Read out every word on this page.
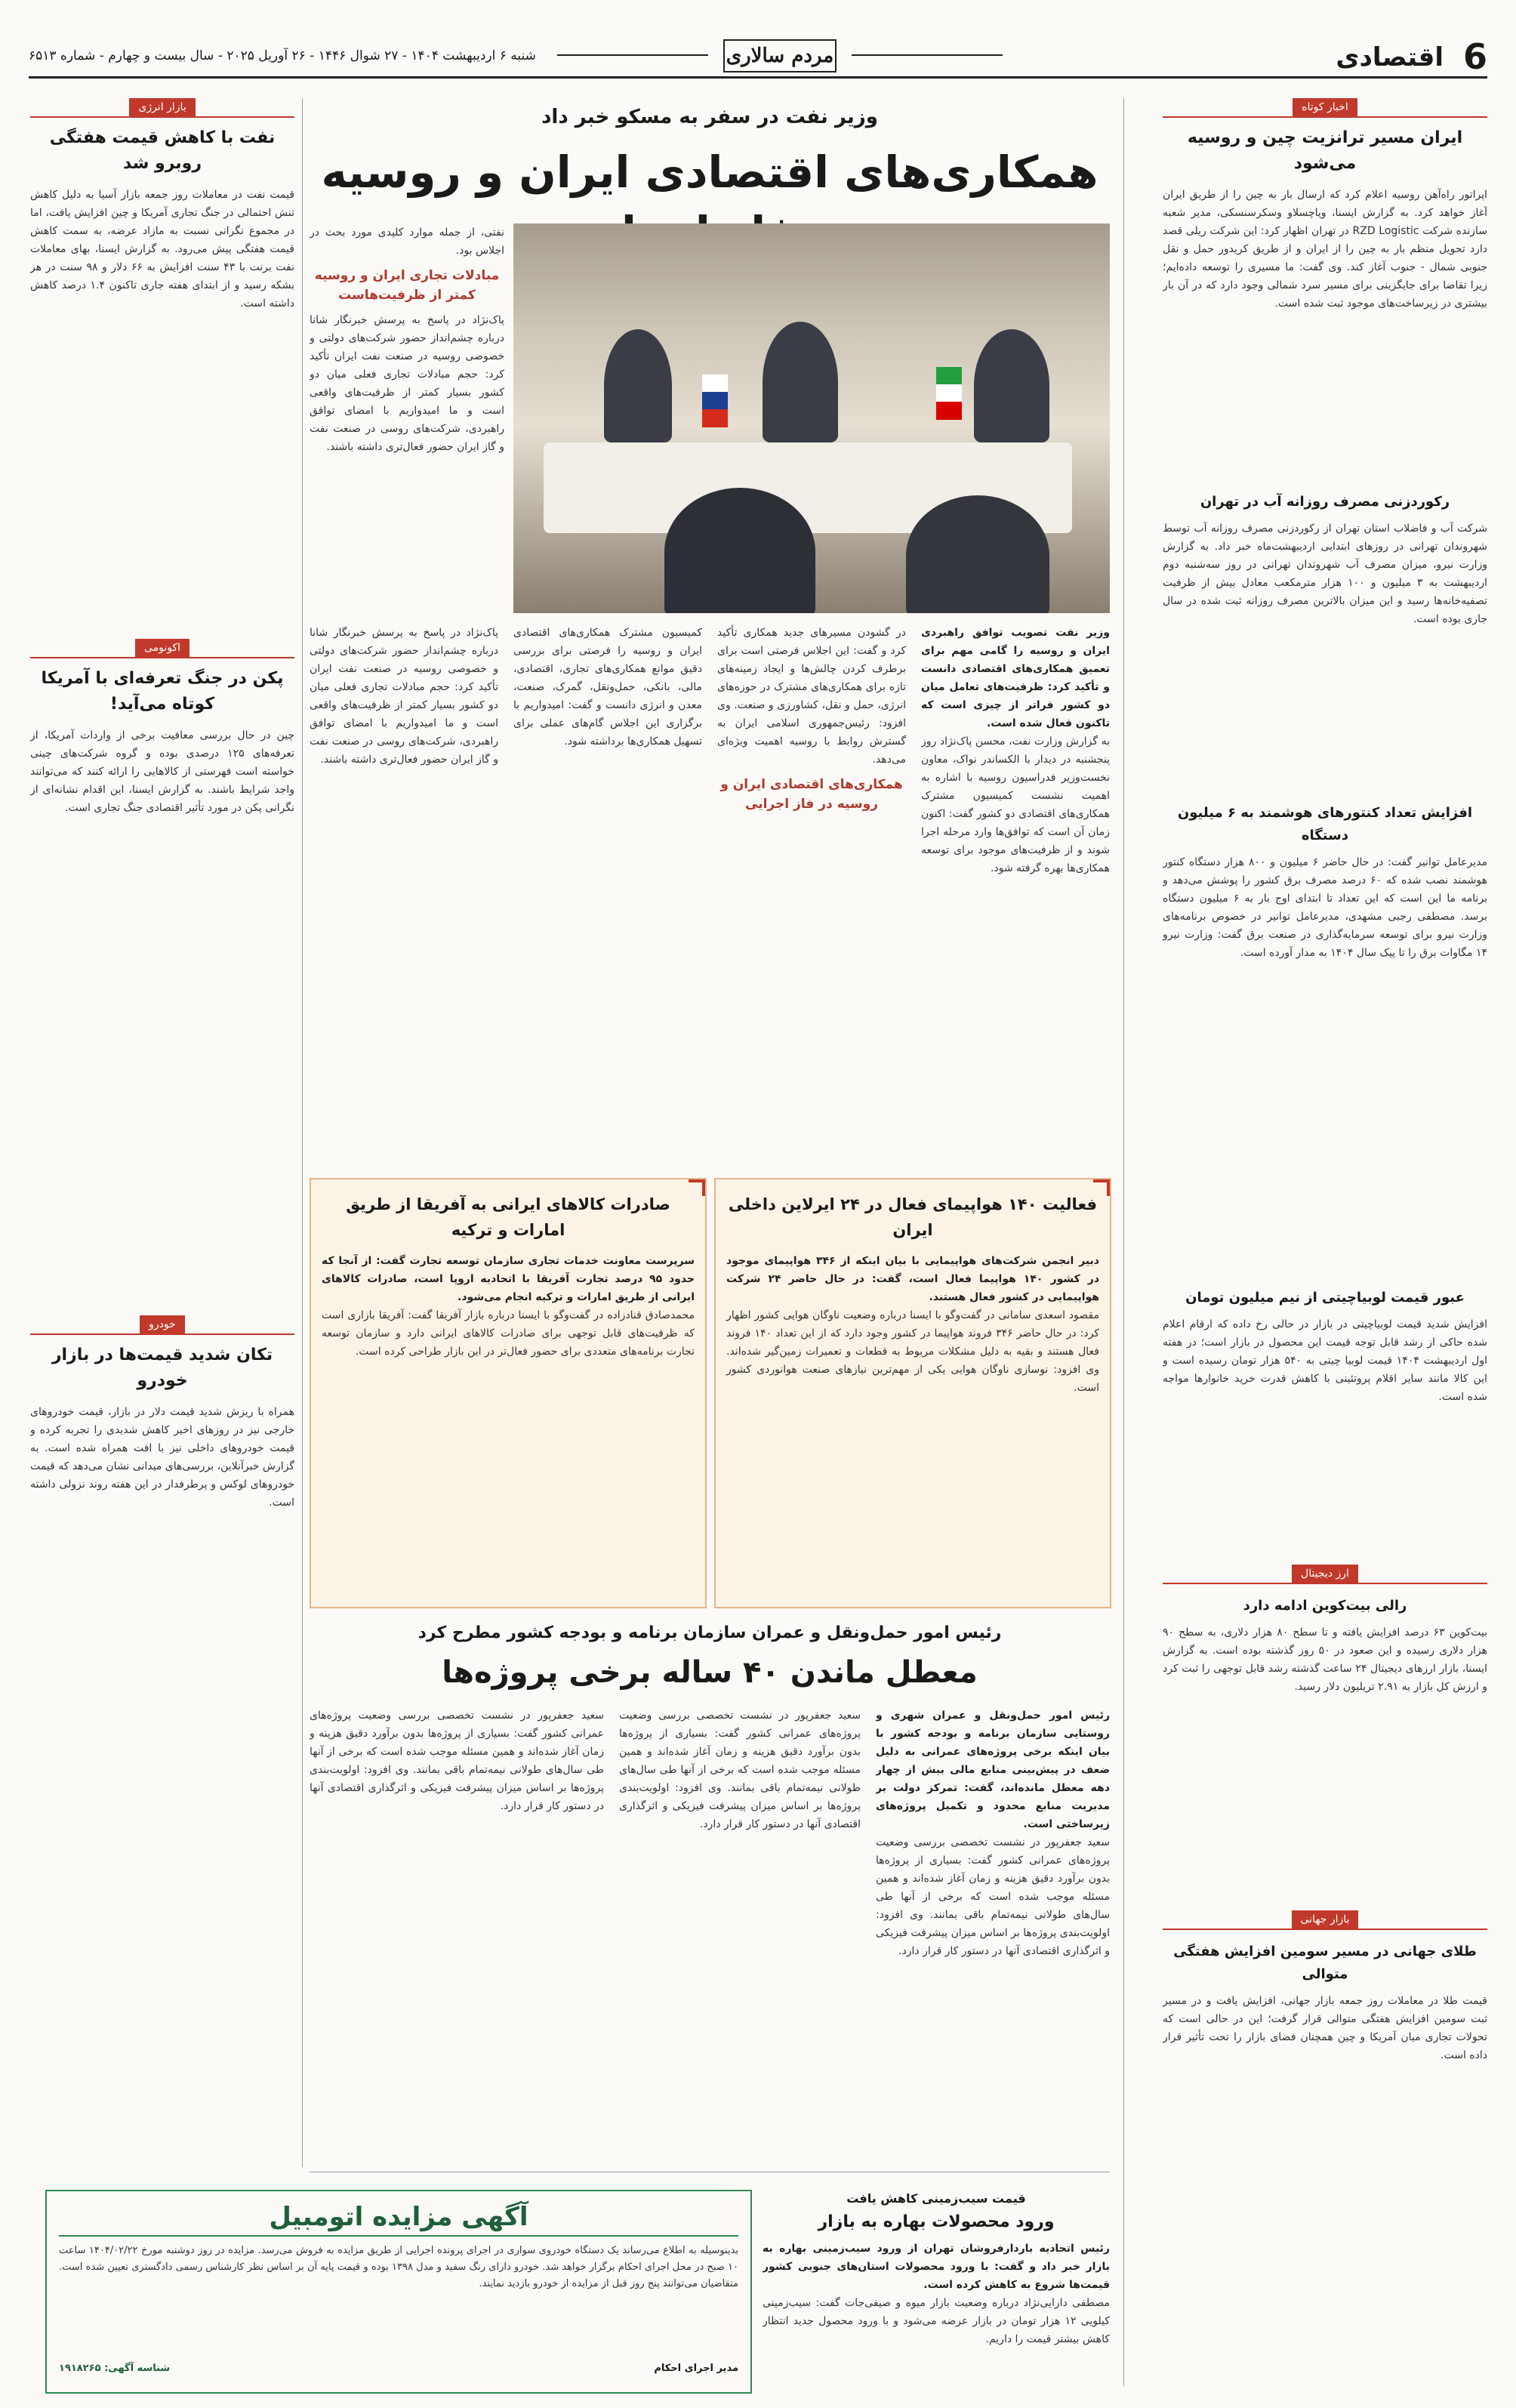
6
اقتصادی
مردم سالاری
شنبه ۶ اردیبهشت ۱۴۰۴ - ۲۷ شوال ۱۴۴۶ - ۲۶ آوریل ۲۰۲۵ - سال بیست و چهارم - شماره ۶۵۱۳
اخبار کوتاه
ایران مسیر ترانزیت چین و روسیه می‌شود

اپراتور راه‌آهن روسیه اعلام کرد که ارسال بار به چین را از طریق ایران آغاز خواهد کرد. به گزارش ایسنا، ویاچسلاو وسکرسنسکی، مدیر شعبه سازنده شرکت RZD Logistic در تهران اظهار کرد: این شرکت ریلی قصد دارد تحویل منظم بار به چین را از ایران و از طریق کریدور حمل و نقل جنوبی شمال - جنوب آغاز کند. وی گفت: ما مسیری را توسعه داده‌ایم؛ زیرا تقاضا برای جایگزینی برای مسیر سرد شمالی وجود دارد که در آن بار بیشتری در زیرساخت‌های موجود ثبت شده است.

رکوردزنی مصرف روزانه آب در تهران

شرکت آب و فاضلاب استان تهران از رکوردزنی مصرف روزانه آب توسط شهروندان تهرانی در روزهای ابتدایی اردیبهشت‌ماه خبر داد. به گزارش وزارت نیرو، میزان مصرف آب شهروندان تهرانی در روز سه‌شنبه دوم اردیبهشت به ۳ میلیون و ۱۰۰ هزار مترمکعب معادل بیش از ظرفیت تصفیه‌خانه‌ها رسید و این میزان بالاترین مصرف روزانه ثبت شده در سال جاری بوده است.

افزایش تعداد کنتورهای هوشمند به ۶ میلیون دستگاه

مدیرعامل توانیر گفت: در حال حاضر ۶ میلیون و ۸۰۰ هزار دستگاه کنتور هوشمند نصب شده که ۶۰ درصد مصرف برق کشور را پوشش می‌دهد و برنامه ما این است که این تعداد تا ابتدای اوج بار به ۶ میلیون دستگاه برسد. مصطفی رجبی مشهدی، مدیرعامل توانیر در خصوص برنامه‌های وزارت نیرو برای توسعه سرمایه‌گذاری در صنعت برق گفت: وزارت نیرو ۱۴ مگاوات برق را تا پیک سال ۱۴۰۴ به مدار آورده است.

عبور قیمت لوبیاچیتی از نیم میلیون تومان

افزایش شدید قیمت لوبیاچیتی در بازار در حالی رخ داده که ارقام اعلام شده حاکی از رشد قابل توجه قیمت این محصول در بازار است؛ در هفته اول اردیبهشت ۱۴۰۴ قیمت لوبیا چیتی به ۵۴۰ هزار تومان رسیده است و این کالا مانند سایر اقلام پروتئینی با کاهش قدرت خرید خانوارها مواجه شده است.

ارز دیجیتال
رالی بیت‌کوین ادامه دارد

بیت‌کوین ۶۳ درصد افزایش یافته و تا سطح ۸۰ هزار دلاری، به سطح ۹۰ هزار دلاری رسیده و این صعود در ۵۰ روز گذشته بوده است. به گزارش ایسنا، بازار ارزهای دیجیتال ۲۴ ساعت گذشته رشد قابل توجهی را ثبت کرد و ارزش کل بازار به ۲.۹۱ تریلیون دلار رسید.

بازار جهانی
طلای جهانی در مسیر سومین افزایش هفتگی متوالی

قیمت طلا در معاملات روز جمعه بازار جهانی، افزایش یافت و در مسیر ثبت سومین افزایش هفتگی متوالی قرار گرفت؛ این در حالی است که تحولات تجاری میان آمریکا و چین همچنان فضای بازار را تحت تأثیر قرار داده است.

بازار انرژی
نفت با کاهش قیمت هفتگی روبرو شد

قیمت نفت در معاملات روز جمعه بازار آسیا به دلیل کاهش تنش احتمالی در جنگ تجاری آمریکا و چین افزایش یافت، اما در مجموع نگرانی نسبت به مازاد عرضه، به سمت کاهش قیمت هفتگی پیش می‌رود. به گزارش ایسنا، بهای معاملات نفت برنت با ۴۳ سنت افزایش به ۶۶ دلار و ۹۸ سنت در هر بشکه رسید و از ابتدای هفته جاری تاکنون ۱.۴ درصد کاهش داشته است.

اکونومی
پکن در جنگ تعرفه‌ای با آمریکا کوتاه می‌آید!

چین در حال بررسی معافیت برخی از واردات آمریکا، از تعرفه‌های ۱۲۵ درصدی بوده و گروه شرکت‌های چینی خواسته است فهرستی از کالاهایی را ارائه کنند که می‌توانند واجد شرایط باشند. به گزارش ایسنا، این اقدام نشانه‌ای از نگرانی پکن در مورد تأثیر اقتصادی جنگ تجاری است.

خودرو
تکان شدید قیمت‌ها در بازار خودرو

همراه با ریزش شدید قیمت دلار در بازار، قیمت خودروهای خارجی نیز در روزهای اخیر کاهش شدیدی را تجربه کرده و قیمت خودروهای داخلی نیز با افت همراه شده است. به گزارش خبرآنلاین، بررسی‌های میدانی نشان می‌دهد که قیمت خودروهای لوکس و پرطرفدار در این هفته روند نزولی داشته است.

وزیر نفت در سفر به مسکو خبر داد
همکاری‌های اقتصادی ایران و روسیه

نفتی، از جمله موارد کلیدی مورد بحث در اجلاس بود.

مبادلات تجاری ایران و روسیه کمتر از ظرفیت‌هاست

پاک‌نژاد در پاسخ به پرسش خبرنگار شانا درباره چشم‌انداز حضور شرکت‌های دولتی و خصوصی روسیه در صنعت نفت ایران تأکید کرد: حجم مبادلات تجاری فعلی میان دو کشور بسیار کمتر از ظرفیت‌های واقعی است و ما امیدواریم با امضای توافق راهبردی، شرکت‌های روسی در صنعت نفت و گاز ایران حضور فعال‌تری داشته باشند.

وزیر نفت تصویب توافق راهبردی ایران و روسیه را گامی مهم برای تعمیق همکاری‌های اقتصادی دانست و تأکید کرد: ظرفیت‌های تعامل میان دو کشور فراتر از چیزی است که تاکنون فعال شده است.

به گزارش وزارت نفت، محسن پاک‌نژاد روز پنجشنبه در دیدار با الکساندر نواک، معاون نخست‌وزیر فدراسیون روسیه با اشاره به اهمیت نشست کمیسیون مشترک همکاری‌های اقتصادی دو کشور گفت: اکنون زمان آن است که توافق‌ها وارد مرحله اجرا شوند و از ظرفیت‌های موجود برای توسعه همکاری‌ها بهره گرفته شود.

در گشودن مسیرهای جدید همکاری تأکید کرد و گفت: این اجلاس فرصتی است برای برطرف کردن چالش‌ها و ایجاد زمینه‌های تازه برای همکاری‌های مشترک در حوزه‌های انرژی، حمل و نقل، کشاورزی و صنعت. وی افزود: رئیس‌جمهوری اسلامی ایران به گسترش روابط با روسیه اهمیت ویژه‌ای می‌دهد.

همکاری‌های اقتصادی ایران و روسیه در فاز اجرایی

کمیسیون مشترک همکاری‌های اقتصادی ایران و روسیه را فرصتی برای بررسی دقیق موانع همکاری‌های تجاری، اقتصادی، مالی، بانکی، حمل‌ونقل، گمرک، صنعت، معدن و انرژی دانست و گفت: امیدواریم با برگزاری این اجلاس گام‌های عملی برای تسهیل همکاری‌ها برداشته شود.

پاک‌نژاد در پاسخ به پرسش خبرنگار شانا درباره چشم‌انداز حضور شرکت‌های دولتی و خصوصی روسیه در صنعت نفت ایران تأکید کرد: حجم مبادلات تجاری فعلی میان دو کشور بسیار کمتر از ظرفیت‌های واقعی است و ما امیدواریم با امضای توافق راهبردی، شرکت‌های روسی در صنعت نفت و گاز ایران حضور فعال‌تری داشته باشند.

فعالیت ۱۴۰ هواپیمای فعال در ۲۴ ایرلاین داخلی ایران

دبیر انجمن شرکت‌های هواپیمایی با بیان اینکه از ۳۴۶ هواپیمای موجود در کشور ۱۴۰ هواپیما فعال است، گفت: در حال حاضر ۲۴ شرکت هواپیمایی در کشور فعال هستند.

مقصود اسعدی سامانی در گفت‌وگو با ایسنا درباره وضعیت ناوگان هوایی کشور اظهار کرد: در حال حاضر ۳۴۶ فروند هواپیما در کشور وجود دارد که از این تعداد ۱۴۰ فروند فعال هستند و بقیه به دلیل مشکلات مربوط به قطعات و تعمیرات زمین‌گیر شده‌اند. وی افزود: نوسازی ناوگان هوایی یکی از مهم‌ترین نیازهای صنعت هوانوردی کشور است.

صادرات کالاهای ایرانی به آفریقا از طریق امارات و ترکیه

سرپرست معاونت خدمات تجاری سازمان توسعه تجارت گفت: از آنجا که حدود ۹۵ درصد تجارت آفریقا با اتحادیه اروپا است، صادرات کالاهای ایرانی از طریق امارات و ترکیه انجام می‌شود.

محمدصادق قنادزاده در گفت‌وگو با ایسنا درباره بازار آفریقا گفت: آفریقا بازاری است که ظرفیت‌های قابل توجهی برای صادرات کالاهای ایرانی دارد و سازمان توسعه تجارت برنامه‌های متعددی برای حضور فعال‌تر در این بازار طراحی کرده است.

رئیس امور حمل‌ونقل و عمران سازمان برنامه و بودجه کشور مطرح کرد
معطل ماندن ۴۰ ساله برخی پروژه‌ها

رئیس امور حمل‌ونقل و عمران شهری و روستایی سازمان برنامه و بودجه کشور با بیان اینکه برخی پروژه‌های عمرانی به دلیل ضعف در پیش‌بینی منابع مالی بیش از چهار دهه معطل مانده‌اند، گفت: تمرکز دولت بر مدیریت منابع محدود و تکمیل پروژه‌های زیرساختی است.

سعید جعفرپور در نشست تخصصی بررسی وضعیت پروژه‌های عمرانی کشور گفت: بسیاری از پروژه‌ها بدون برآورد دقیق هزینه و زمان آغاز شده‌اند و همین مسئله موجب شده است که برخی از آنها طی سال‌های طولانی نیمه‌تمام باقی بمانند. وی افزود: اولویت‌بندی پروژه‌ها بر اساس میزان پیشرفت فیزیکی و اثرگذاری اقتصادی آنها در دستور کار قرار دارد.

سعید جعفرپور در نشست تخصصی بررسی وضعیت پروژه‌های عمرانی کشور گفت: بسیاری از پروژه‌ها بدون برآورد دقیق هزینه و زمان آغاز شده‌اند و همین مسئله موجب شده است که برخی از آنها طی سال‌های طولانی نیمه‌تمام باقی بمانند. وی افزود: اولویت‌بندی پروژه‌ها بر اساس میزان پیشرفت فیزیکی و اثرگذاری اقتصادی آنها در دستور کار قرار دارد.

سعید جعفرپور در نشست تخصصی بررسی وضعیت پروژه‌های عمرانی کشور گفت: بسیاری از پروژه‌ها بدون برآورد دقیق هزینه و زمان آغاز شده‌اند و همین مسئله موجب شده است که برخی از آنها طی سال‌های طولانی نیمه‌تمام باقی بمانند. وی افزود: اولویت‌بندی پروژه‌ها بر اساس میزان پیشرفت فیزیکی و اثرگذاری اقتصادی آنها در دستور کار قرار دارد.

قیمت سیب‌زمینی کاهش یافت
ورود محصولات بهاره به بازار

رئیس اتحادیه باردارفروشان تهران از ورود سیب‌زمینی بهاره به بازار خبر داد و گفت: با ورود محصولات استان‌های جنوبی کشور قیمت‌ها شروع به کاهش کرده است.

مصطفی دارایی‌نژاد درباره وضعیت بازار میوه و صیفی‌جات گفت: سیب‌زمینی کیلویی ۱۲ هزار تومان در بازار عرضه می‌شود و با ورود محصول جدید انتظار کاهش بیشتر قیمت را داریم.

آگهی مزایده اتومبیل

بدینوسیله به اطلاع می‌رساند یک دستگاه خودروی سواری در اجرای پرونده اجرایی از طریق مزایده به فروش می‌رسد. مزایده در روز دوشنبه مورخ ۱۴۰۴/۰۲/۲۲ ساعت ۱۰ صبح در محل اجرای احکام برگزار خواهد شد. خودرو دارای رنگ سفید و مدل ۱۳۹۸ بوده و قیمت پایه آن بر اساس نظر کارشناس رسمی دادگستری تعیین شده است. متقاضیان می‌توانند پنج روز قبل از مزایده از خودرو بازدید نمایند.

مدیر اجرای احکام
شناسه آگهی: ۱۹۱۸۲۶۵
